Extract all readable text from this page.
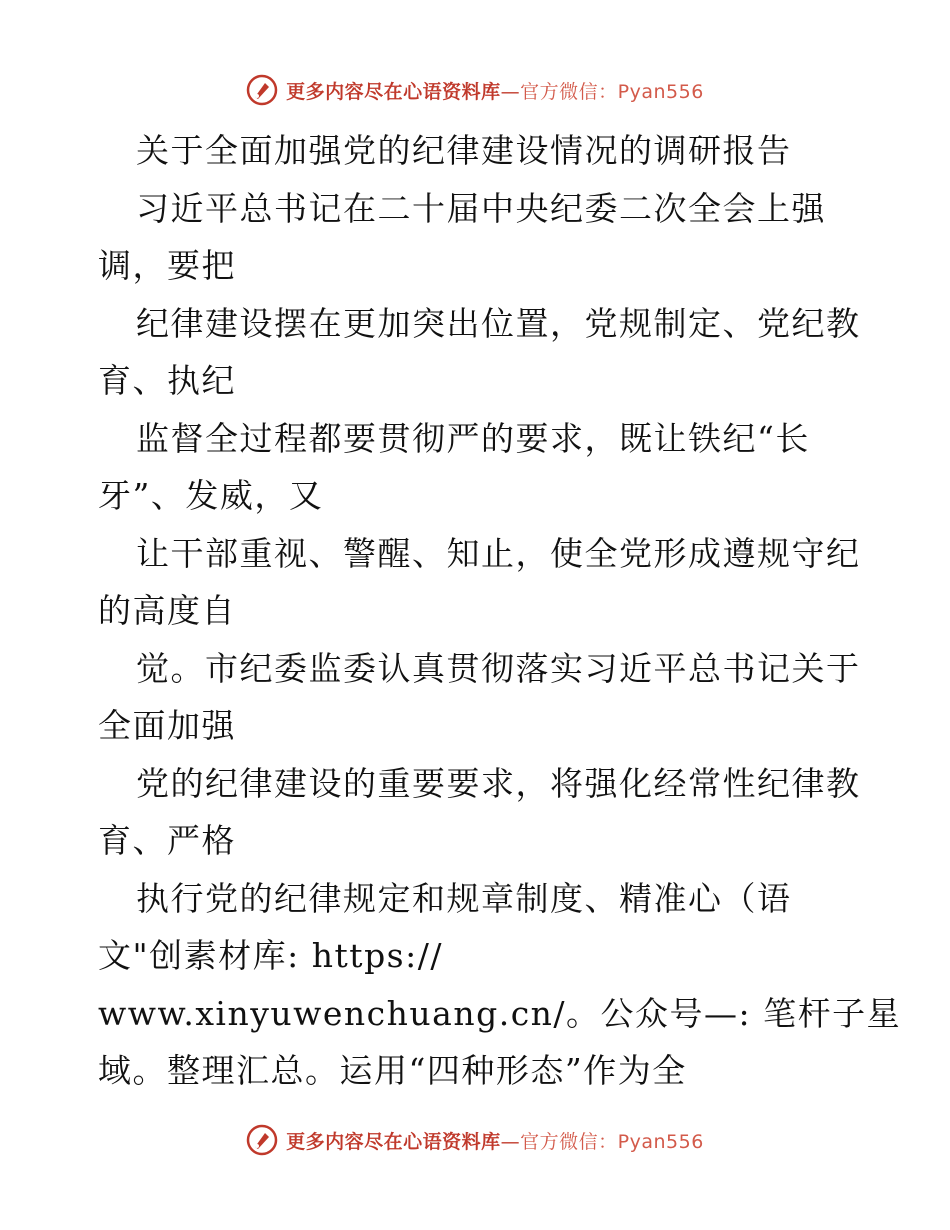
更多内容尽在心语资料库—官方微信：Pyan556
关于全面加强党的纪律建设情况的调研报告
习近平总书记在二十届中央纪委二次全会上强
调，要把
纪律建设摆在更加突出位置，党规制定、党纪教
育、执纪
监督全过程都要贯彻严的要求，既让铁纪“长
牙”、发威，又
让干部重视、警醒、知止，使全党形成遵规守纪
的高度自
觉。市纪委监委认真贯彻落实习近平总书记关于
全面加强
党的纪律建设的重要要求，将强化经常性纪律教
育、严格
执行党的纪律规定和规章制度、精准心（语
文"创素材库: https://
www.xinyuwenchuang.cn/。公众号—: 笔杆子星
域。整理汇总。运用“四种形态”作为全
更多内容尽在心语资料库—官方微信：Pyan556
